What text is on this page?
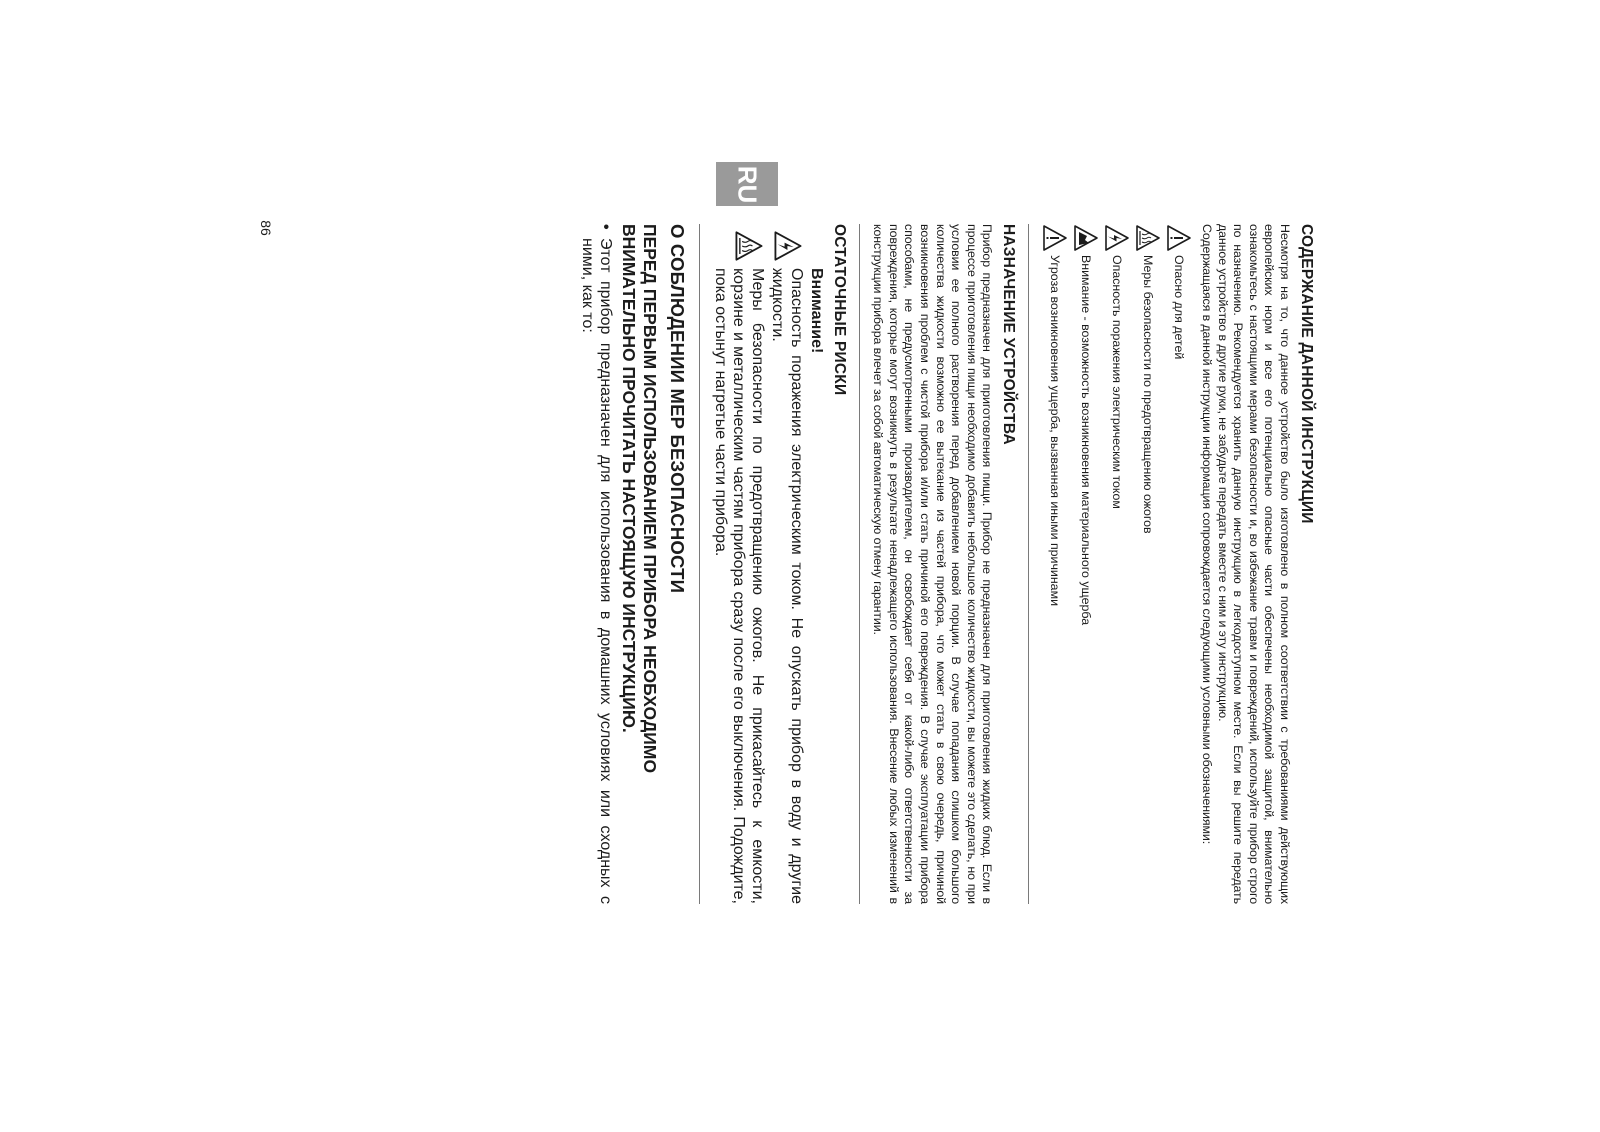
СОДЕРЖАНИЕ ДАННОЙ ИНСТРУКЦИИ

Несмотря на то, что данное устройство было изготовлено в полном соответствии с требованиями действующих европейских норм и все его потенциально опасные части обеспечены необходимой защитой, внимательно ознакомьтесь с настоящими мерами безопасности и, во избежание травм и повреждений, используйте прибор строго по назначению. Рекомендуется хранить данную инструкцию в легкодоступном месте. Если вы решите передать данное устройство в другие руки, не забудьте передать вместе с ним и эту инструкцию.

Содержащаяся в данной инструкции информация сопровождается следующими условными обозначениями:

Опасно для детей
Меры безопасности по предотвращению ожогов
Опасность поражения электрическим током
Внимание - возможность возникновения материального ущерба
Угроза возникновения ущерба, вызванная иными причинами
НАЗНАЧЕНИЕ УСТРОЙСТВА

Прибор предназначен для приготовления пищи. Прибор не предназначен для приготовления жидких блюд. Если в процессе приготовления пищи необходимо добавить небольшое количество жидкости, вы можете это сделать, но при условии ее полного растворения перед добавлением новой порции. В случае попадания слишком большого количества жидкости возможно ее вытекание из частей прибора, что может стать в свою очередь, причиной возникновения проблем с чистой прибора и/или стать причиной его повреждения. В случае эксплуатации прибора способами, не предусмотренными производителем, он освобождает себя от какой-либо ответственности за повреждения, которые могут возникнуть в результате ненадлежащего использования. Внесение любых изменений в конструкции прибора влечет за собой автоматическую отмену гарантии.

ОСТАТОЧНЫЕ РИСКИ
Внимание!
Опасность поражения электрическим током. Не опускать прибор в воду и другие жидкости.
Меры безопасности по предотвращению ожогов. Не прикасайтесь к емкости, корзине и металлическим частям прибора сразу после его выключения. Подождите, пока остынут нагретые части прибора.
О СОБЛЮДЕНИИ МЕР БЕЗОПАСНОСТИ
ПЕРЕД ПЕРВЫМ ИСПОЛЬЗОВАНИЕМ ПРИБОРА НЕОБХОДИМО ВНИМАТЕЛЬНО ПРОЧИТАТЬ НАСТОЯЩУЮ ИНСТРУКЦИЮ.
•
Этот прибор предназначен для использования в домашних условиях или сходных с ними, как то:
RU
86
